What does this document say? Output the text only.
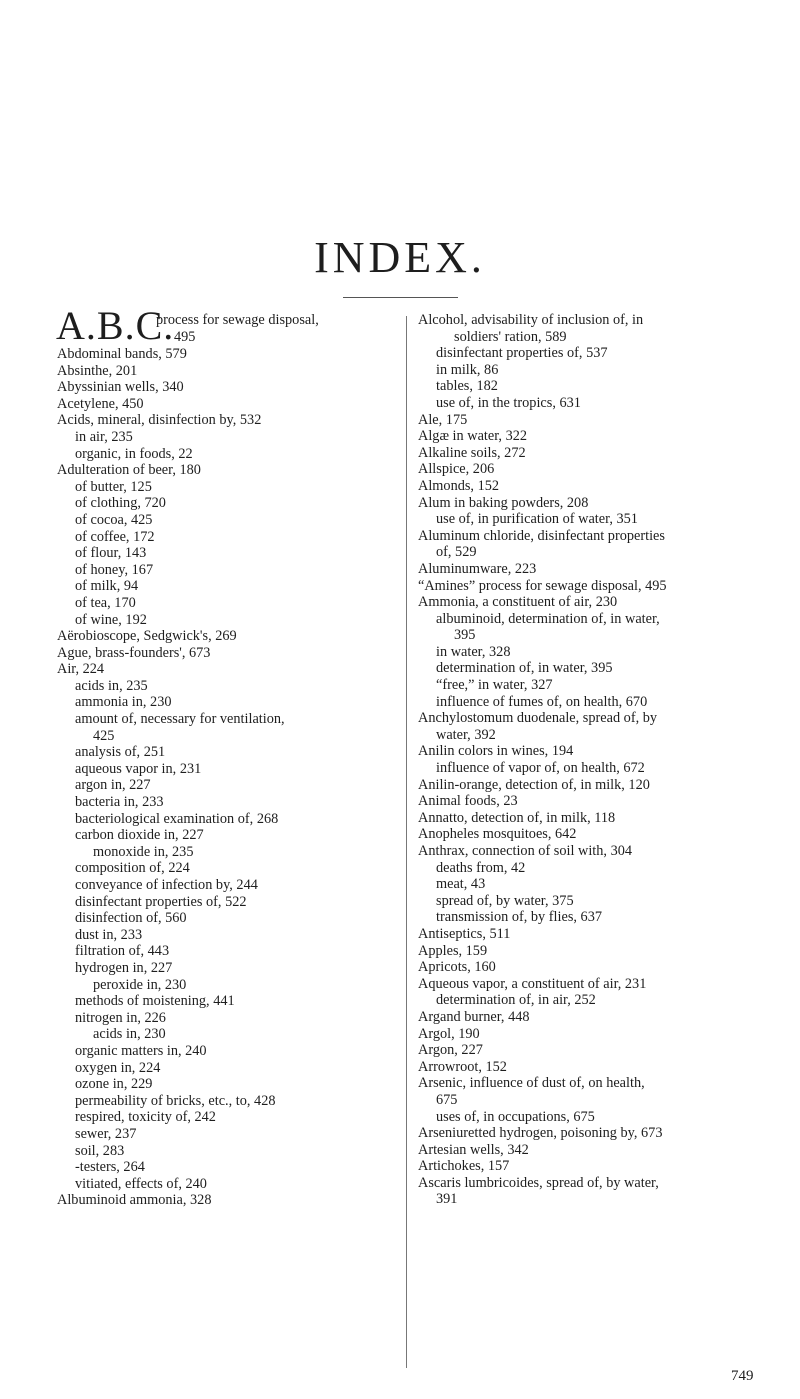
INDEX.
A.B.C.
process for sewage disposal,
495
Abdominal bands, 579
Absinthe, 201
Abyssinian wells, 340
Acetylene, 450
Acids, mineral, disinfection by, 532
in air, 235
organic, in foods, 22
Adulteration of beer, 180
of butter, 125
of clothing, 720
of cocoa, 425
of coffee, 172
of flour, 143
of honey, 167
of milk, 94
of tea, 170
of wine, 192
Aërobioscope, Sedgwick's, 269
Ague, brass-founders', 673
Air, 224
acids in, 235
ammonia in, 230
amount of, necessary for ventilation,
425
analysis of, 251
aqueous vapor in, 231
argon in, 227
bacteria in, 233
bacteriological examination of, 268
carbon dioxide in, 227
monoxide in, 235
composition of, 224
conveyance of infection by, 244
disinfectant properties of, 522
disinfection of, 560
dust in, 233
filtration of, 443
hydrogen in, 227
peroxide in, 230
methods of moistening, 441
nitrogen in, 226
acids in, 230
organic matters in, 240
oxygen in, 224
ozone in, 229
permeability of bricks, etc., to, 428
respired, toxicity of, 242
sewer, 237
soil, 283
-testers, 264
vitiated, effects of, 240
Albuminoid ammonia, 328
Alcohol, advisability of inclusion of, in
soldiers' ration, 589
disinfectant properties of, 537
in milk, 86
tables, 182
use of, in the tropics, 631
Ale, 175
Algæ in water, 322
Alkaline soils, 272
Allspice, 206
Almonds, 152
Alum in baking powders, 208
use of, in purification of water, 351
Aluminum chloride, disinfectant properties
of, 529
Aluminumware, 223
“Amines” process for sewage disposal, 495
Ammonia, a constituent of air, 230
albuminoid, determination of, in water,
395
in water, 328
determination of, in water, 395
“free,” in water, 327
influence of fumes of, on health, 670
Anchylostomum duodenale, spread of, by
water, 392
Anilin colors in wines, 194
influence of vapor of, on health, 672
Anilin-orange, detection of, in milk, 120
Animal foods, 23
Annatto, detection of, in milk, 118
Anopheles mosquitoes, 642
Anthrax, connection of soil with, 304
deaths from, 42
meat, 43
spread of, by water, 375
transmission of, by flies, 637
Antiseptics, 511
Apples, 159
Apricots, 160
Aqueous vapor, a constituent of air, 231
determination of, in air, 252
Argand burner, 448
Argol, 190
Argon, 227
Arrowroot, 152
Arsenic, influence of dust of, on health,
675
uses of, in occupations, 675
Arseniuretted hydrogen, poisoning by, 673
Artesian wells, 342
Artichokes, 157
Ascaris lumbricoides, spread of, by water,
391
749
